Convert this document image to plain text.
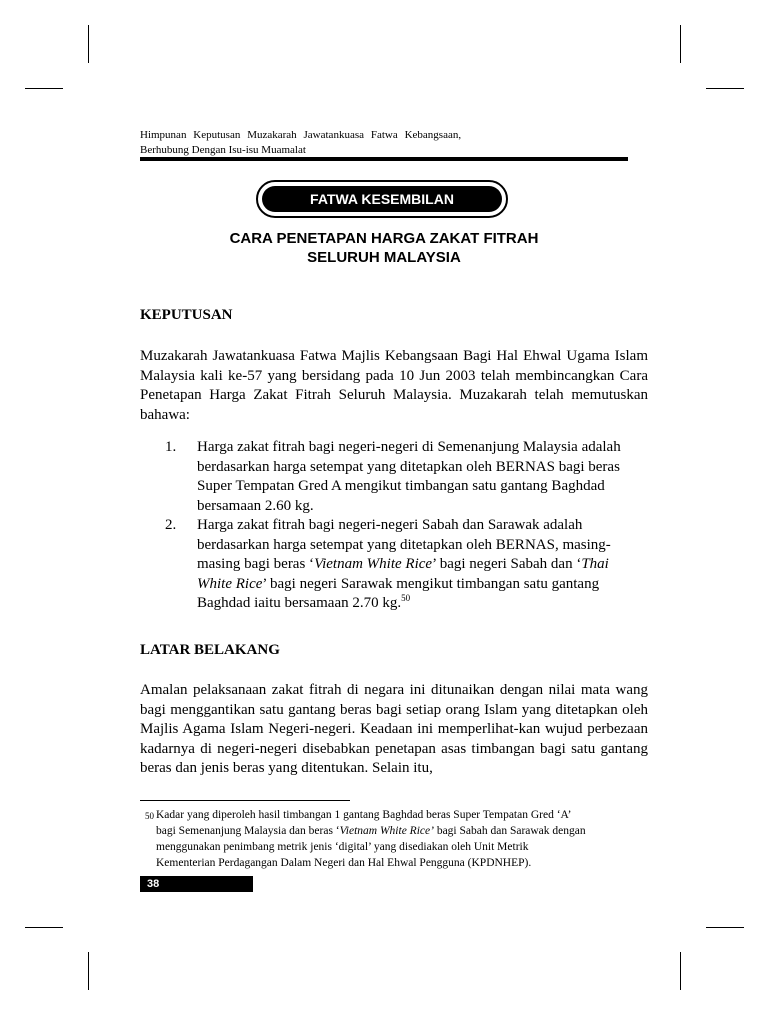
Himpunan Keputusan Muzakarah Jawatankuasa Fatwa Kebangsaan,
Berhubung Dengan Isu-isu Muamalat
FATWA KESEMBILAN
CARA PENETAPAN HARGA ZAKAT FITRAH
SELURUH MALAYSIA
KEPUTUSAN
Muzakarah Jawatankuasa Fatwa Majlis Kebangsaan Bagi Hal Ehwal Ugama Islam Malaysia kali ke-57 yang bersidang pada 10 Jun 2003 telah membincangkan Cara Penetapan Harga Zakat Fitrah Seluruh Malaysia. Muzakarah telah memutuskan bahawa:
1. Harga zakat fitrah bagi negeri-negeri di Semenanjung Malaysia adalah berdasarkan harga setempat yang ditetapkan oleh BERNAS bagi beras Super Tempatan Gred A mengikut timbangan satu gantang Baghdad bersamaan 2.60 kg.
2. Harga zakat fitrah bagi negeri-negeri Sabah dan Sarawak adalah berdasarkan harga setempat yang ditetapkan oleh BERNAS, masing-masing bagi beras ‘Vietnam White Rice’ bagi negeri Sabah dan ‘Thai White Rice’ bagi negeri Sarawak mengikut timbangan satu gantang Baghdad iaitu bersamaan 2.70 kg.$^{50}$
LATAR BELAKANG
Amalan pelaksanaan zakat fitrah di negara ini ditunaikan dengan nilai mata wang bagi menggantikan satu gantang beras bagi setiap orang Islam yang ditetapkan oleh Majlis Agama Islam Negeri-negeri. Keadaan ini memperlihat-kan wujud perbezaan kadarnya di negeri-negeri disebabkan penetapan asas timbangan bagi satu gantang beras dan jenis beras yang ditentukan. Selain itu,
50 Kadar yang diperoleh hasil timbangan 1 gantang Baghdad beras Super Tempatan Gred ‘A’
bagi Semenanjung Malaysia dan beras ‘Vietnam White Rice’ bagi Sabah dan Sarawak dengan
menggunakan penimbang metrik jenis ‘digital’ yang disediakan oleh Unit Metrik
Kementerian Perdagangan Dalam Negeri dan Hal Ehwal Pengguna (KPDNHEP).
38
